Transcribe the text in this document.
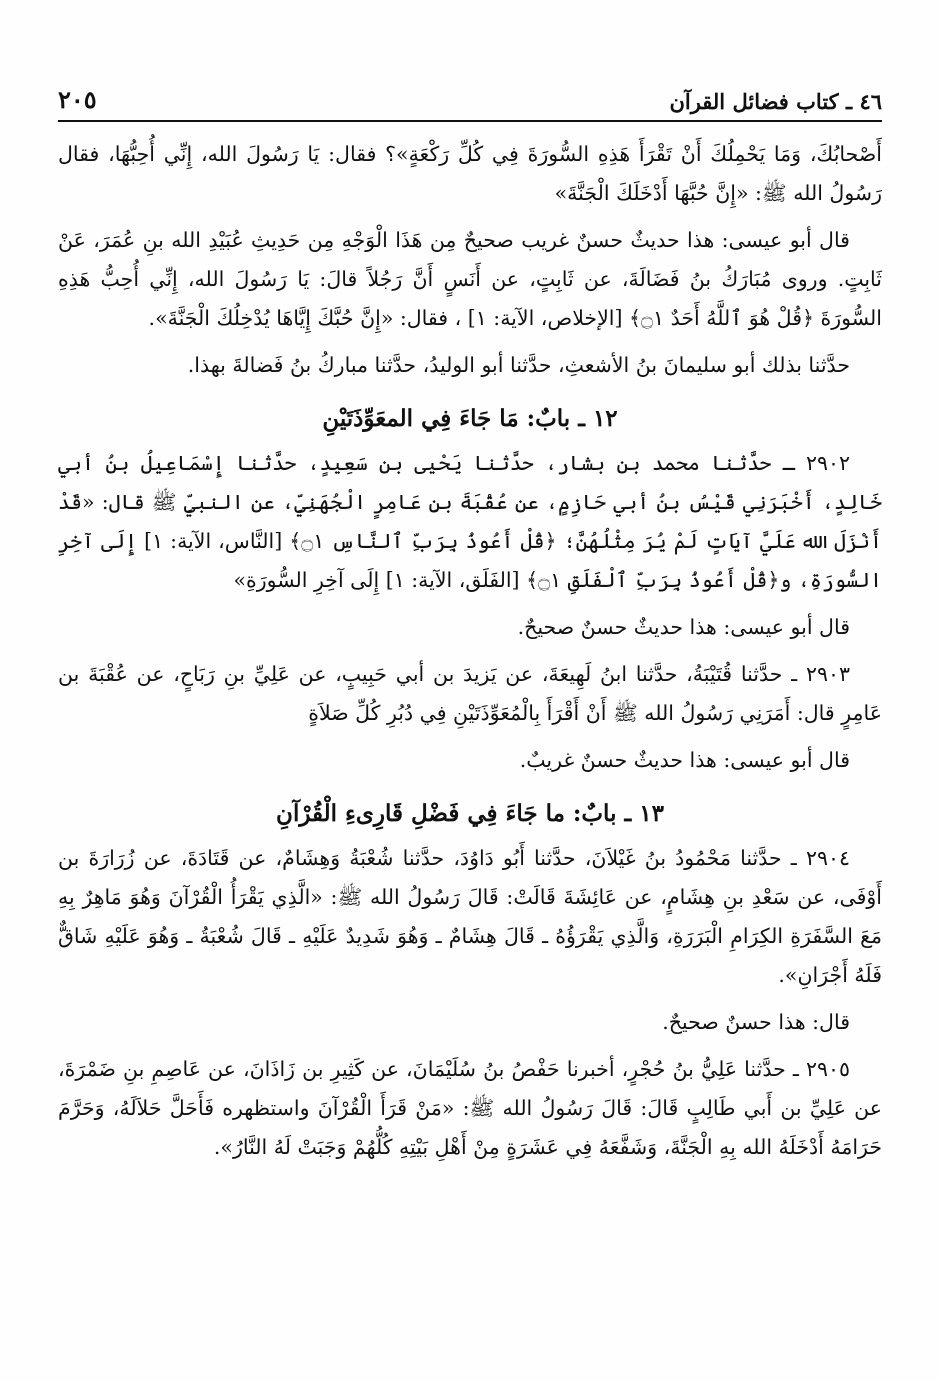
٢٠٥	٤٦ ـ كتاب فضائل القرآن

أَصْحابُكَ، وَمَا يَحْمِلُكَ أَنْ تَقْرَأَ هَذِهِ السُّورَةَ فِي كُلِّ رَكْعَةٍ»؟ فقال: يَا رَسُولَ الله، إِنِّي أُحِبُّهَا، فقال رَسُولُ الله ﷺ: «إِنَّ حُبَّهَا أَدْخَلَكَ الْجَنَّةَ»

قال أبو عيسى: هذا حديثٌ حسنٌ غريب صحيحٌ مِن هَذَا الْوَجْهِ مِن حَدِيثِ عُبَيْدِ الله بنِ عُمَرَ، عَنْ ثَابِتٍ. وروى مُبَارَكُ بنُ فَضَالَةَ، عن ثَابِتٍ، عن أَنَسٍ أَنَّ رَجُلاً قالَ: يَا رَسُولَ الله، إِنِّي أُحِبُّ هَذِهِ السُّورَةَ ﴿قُلْ هُوَ ٱللَّهُ أَحَدٌ ۝١﴾ [الإخلاص، الآية: ١] ، فقال: «إِنَّ حُبَّكَ إِيَّاهَا يُدْخِلُكَ الْجَنَّةَ».

حدَّثنا بذلك أبو سليمانَ بنُ الأشعثِ، حدَّثنا أبو الوليدُ، حدَّثنا مباركُ بنُ فَضالةَ بهذا.

١٢ ـ بابٌ: مَا جَاءَ فِي المعَوِّذَتَيْنِ

٢٩٠٢ ـ حدَّثنا محمد بن بشار، حدَّثنا يَحْيى بن سَعِيدٍ، حدَّثنا إِسْمَاعِيلُ بنُ أبي خَالِدٍ، أَخْبَرَنِي قَيْسُ بنُ أبي حَازِمٍ، عن عُقْبَةَ بنِ عَامِرٍ الْجُهَنِيِّ، عن النبيِّ ﷺ قال: «قَدْ أَنْزَلَ الله عَلَيَّ آيَاتٍ لَمْ يُرَ مِثْلُهُنَّ؛ ﴿قُلْ أَعُوذُ بِرَبِّ ٱلنَّاسِ ۝١﴾ [النَّاس، الآية: ١] إِلَى آخِرِ السُّورَةِ، و﴿قُلْ أَعُوذُ بِرَبِّ ٱلْفَلَقِ ۝١﴾ [الفَلَق، الآية: ١] إِلَى آخِرِ السُّورَةِ»

قال أبو عيسى: هذا حديثٌ حسنٌ صحيحٌ.

٢٩٠٣ ـ حدَّثنا قُتَيْبَةُ، حدَّثنا ابنُ لَهِيعَةَ، عن يَزيدَ بن أبي حَبِيبٍ، عن عَلِيِّ بنِ رَبَاحٍ، عن عُقْبَةَ بن عَامِرٍ قال: أَمَرَنِي رَسُولُ الله ﷺ أَنْ أَقْرَأَ بِالْمُعَوِّذَتَيْنِ فِي دُبُرِ كُلِّ صَلاَةٍ

قال أبو عيسى: هذا حديثٌ حسنٌ غريبٌ.

١٣ ـ بابٌ: ما جَاءَ فِي فَضْلِ قَارِىءِ الْقُرْآنِ

٢٩٠٤ ـ حدَّثنا مَحْمُودُ بنُ غَيْلاَنَ، حدَّثنا أَبُو دَاوُدَ، حدَّثنا شُعْبَةُ وَهِشَامٌ، عن قَتَادَةَ، عن زُرَارَةَ بن أَوْفَى، عن سَعْدِ بنِ هِشَامٍ، عن عَائِشَةَ قَالَتْ: قَالَ رَسُولُ الله ﷺ: «الَّذِي يَقْرَأُ الْقُرْآنَ وَهُوَ مَاهِرٌ بِهِ مَعَ السَّفَرَةِ الكِرَامِ الْبَرَرَةِ، وَالَّذِي يَقْرَؤُهُ ـ قَالَ هِشَامٌ ـ وَهُوَ شَدِيدٌ عَلَيْهِ ـ قَالَ شُعْبَةُ ـ وَهُوَ عَلَيْهِ شَاقٌّ فَلَهُ أَجْرَانِ».

قال: هذا حسنٌ صحيحٌ.

٢٩٠٥ ـ حدَّثنا عَلِيُّ بنُ حُجْرٍ، أخبرنا حَفْصُ بنُ سُلَيْمَانَ، عن كَثِيرِ بن زَاذَانَ، عن عَاصِمِ بنِ ضَمْرَةَ، عن عَلِيِّ بن أَبي طَالِبٍ قَالَ: قَالَ رَسُولُ الله ﷺ: «مَنْ قَرَأَ الْقُرْآنَ واستظهره فَأَحَلَّ حَلاَلَهُ، وَحَرَّمَ حَرَامَهُ أَدْخَلَهُ الله بِهِ الْجَنَّةَ، وَشَفَّعَهُ فِي عَشَرَةٍ مِنْ أَهْلِ بَيْتِهِ كُلُّهُمْ وَجَبَتْ لَهُ النَّارُ».
